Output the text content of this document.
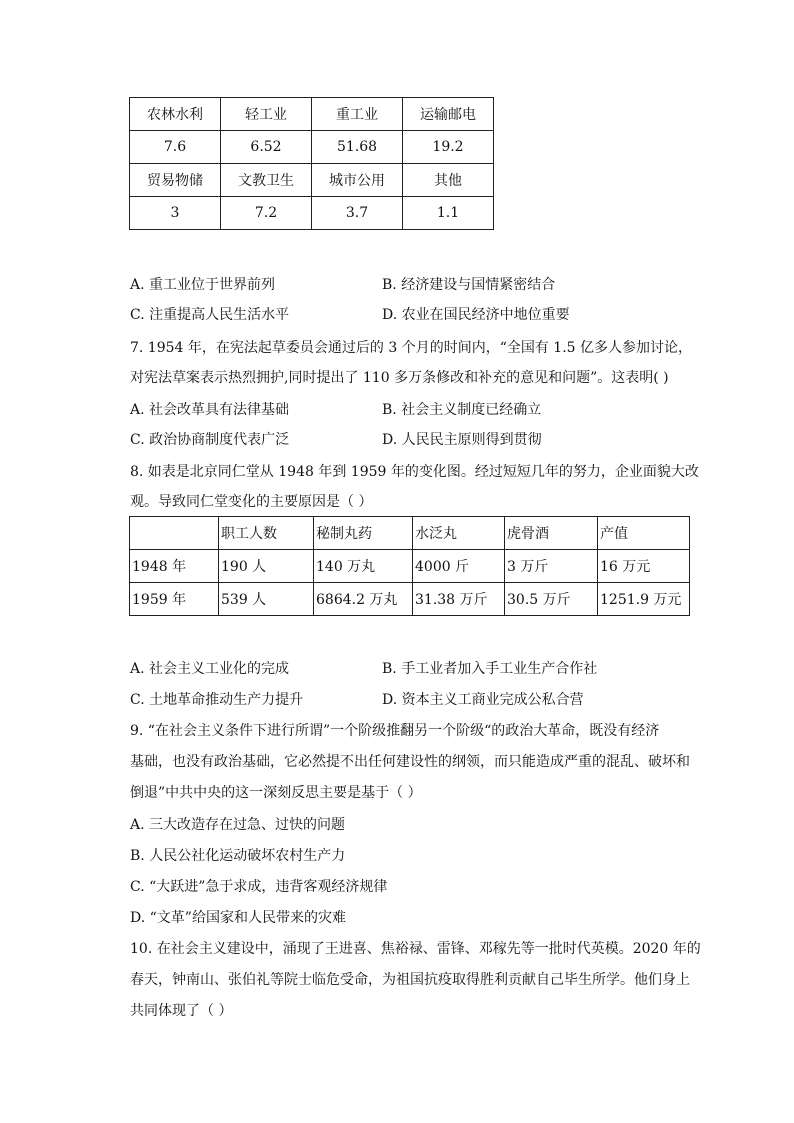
农林水利	轻工业	重工业	运输邮电
7.6	6.52	51.68	19.2
贸易物储	文教卫生	城市公用	其他
3	7.2	3.7	1.1
A. 重工业位于世界前列	B. 经济建设与国情紧密结合
C. 注重提高人民生活水平	D. 农业在国民经济中地位重要
7. 1954 年，在宪法起草委员会通过后的 3 个月的时间内，“全国有 1.5 亿多人参加讨论，
对宪法草案表示热烈拥护,同时提出了 110 多万条修改和补充的意见和问题”。这表明( )
A. 社会改革具有法律基础	B. 社会主义制度已经确立
C. 政治协商制度代表广泛	D. 人民民主原则得到贯彻
8. 如表是北京同仁堂从 1948 年到 1959 年的变化图。经过短短几年的努力，企业面貌大改
观。导致同仁堂变化的主要原因是（ ）
	职工人数	秘制丸药	水泛丸	虎骨酒	产值
1948 年	190 人	140 万丸	4000 斤	3 万斤	16 万元
1959 年	539 人	6864.2 万丸	31.38 万斤	30.5 万斤	1251.9 万元
A. 社会主义工业化的完成	B. 手工业者加入手工业生产合作社
C. 土地革命推动生产力提升	D. 资本主义工商业完成公私合营
9. “在社会主义条件下进行所谓”一个阶级推翻另一个阶级“的政治大革命，既没有经济
基础，也没有政治基础，它必然提不出任何建设性的纲领，而只能造成严重的混乱、破坏和
倒退”中共中央的这一深刻反思主要是基于（ ）
A. 三大改造存在过急、过快的问题
B. 人民公社化运动破坏农村生产力
C. “大跃进”急于求成，违背客观经济规律
D. “文革”给国家和人民带来的灾难
10. 在社会主义建设中，涌现了王进喜、焦裕禄、雷锋、邓稼先等一批时代英模。2020 年的
春天，钟南山、张伯礼等院士临危受命，为祖国抗疫取得胜利贡献自己毕生所学。他们身上
共同体现了（ ）
